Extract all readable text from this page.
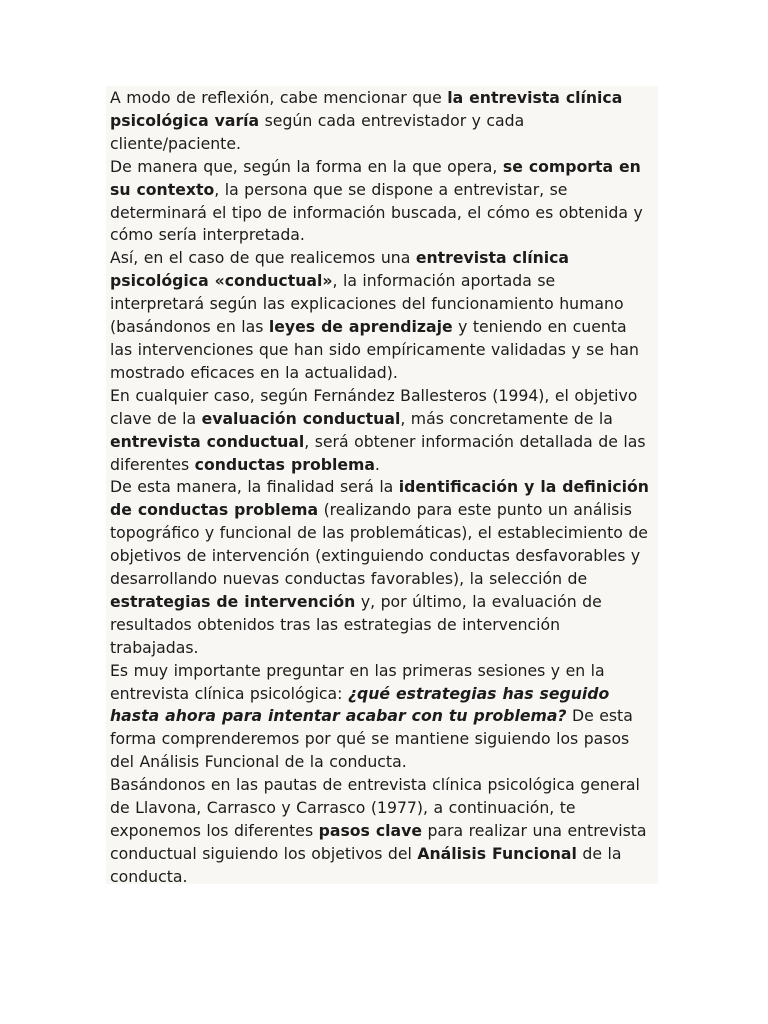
A modo de reflexión, cabe mencionar que la entrevista clínica psicológica varía según cada entrevistador y cada cliente/paciente.

De manera que, según la forma en la que opera, se comporta en su contexto, la persona que se dispone a entrevistar, se determinará el tipo de información buscada, el cómo es obtenida y cómo sería interpretada.

Así, en el caso de que realicemos una entrevista clínica psicológica «conductual», la información aportada se interpretará según las explicaciones del funcionamiento humano (basándonos en las leyes de aprendizaje y teniendo en cuenta las intervenciones que han sido empíricamente validadas y se han mostrado eficaces en la actualidad).

En cualquier caso, según Fernández Ballesteros (1994), el objetivo clave de la evaluación conductual, más concretamente de la entrevista conductual, será obtener información detallada de las diferentes conductas problema.

De esta manera, la finalidad será la identificación y la definición de conductas problema (realizando para este punto un análisis topográfico y funcional de las problemáticas), el establecimiento de objetivos de intervención (extinguiendo conductas desfavorables y desarrollando nuevas conductas favorables), la selección de estrategias de intervención y, por último, la evaluación de resultados obtenidos tras las estrategias de intervención trabajadas.

Es muy importante preguntar en las primeras sesiones y en la entrevista clínica psicológica: ¿qué estrategias has seguido hasta ahora para intentar acabar con tu problema? De esta forma comprenderemos por qué se mantiene siguiendo los pasos del Análisis Funcional de la conducta.

Basándonos en las pautas de entrevista clínica psicológica general de Llavona, Carrasco y Carrasco (1977), a continuación, te exponemos los diferentes pasos clave para realizar una entrevista conductual siguiendo los objetivos del Análisis Funcional de la conducta.
